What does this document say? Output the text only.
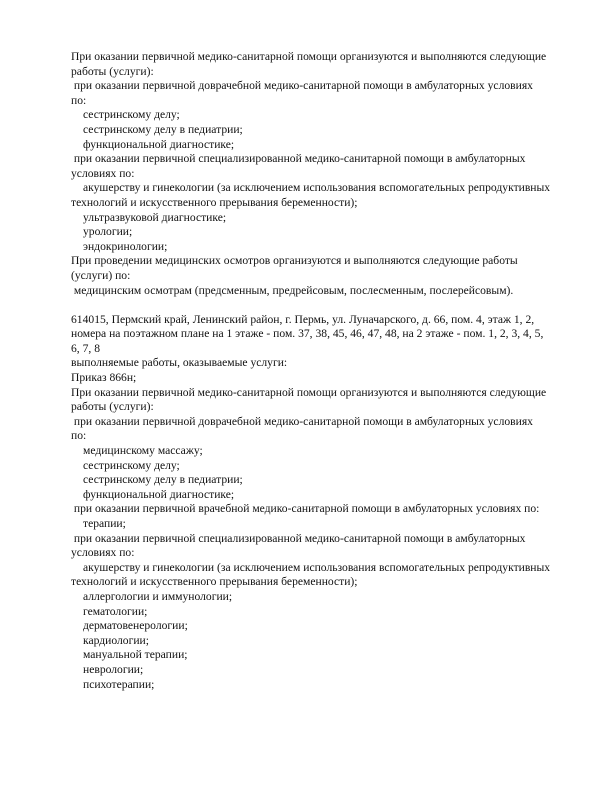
При оказании первичной медико-санитарной помощи организуются и выполняются следующие
работы (услуги):
при оказании первичной доврачебной медико-санитарной помощи в амбулаторных условиях
по:
сестринскому делу;
сестринскому делу в педиатрии;
функциональной диагностике;
при оказании первичной специализированной медико-санитарной помощи в амбулаторных
условиях по:
акушерству и гинекологии (за исключением использования вспомогательных репродуктивных
технологий и искусственного прерывания беременности);
ультразвуковой диагностике;
урологии;
эндокринологии;
При проведении медицинских осмотров организуются и выполняются следующие работы
(услуги) по:
медицинским осмотрам (предсменным, предрейсовым, послесменным, послерейсовым).
614015, Пермский край, Ленинский район, г. Пермь, ул. Луначарского, д. 66, пом. 4, этаж 1, 2,
номера на поэтажном плане на 1 этаже - пом. 37, 38, 45, 46, 47, 48, на 2 этаже - пом. 1, 2, 3, 4, 5,
6, 7, 8
выполняемые работы, оказываемые услуги:
Приказ 866н;
При оказании первичной медико-санитарной помощи организуются и выполняются следующие
работы (услуги):
при оказании первичной доврачебной медико-санитарной помощи в амбулаторных условиях
по:
медицинскому массажу;
сестринскому делу;
сестринскому делу в педиатрии;
функциональной диагностике;
при оказании первичной врачебной медико-санитарной помощи в амбулаторных условиях по:
терапии;
при оказании первичной специализированной медико-санитарной помощи в амбулаторных
условиях по:
акушерству и гинекологии (за исключением использования вспомогательных репродуктивных
технологий и искусственного прерывания беременности);
аллергологии и иммунологии;
гематологии;
дерматовенерологии;
кардиологии;
мануальной терапии;
неврологии;
психотерапии;
